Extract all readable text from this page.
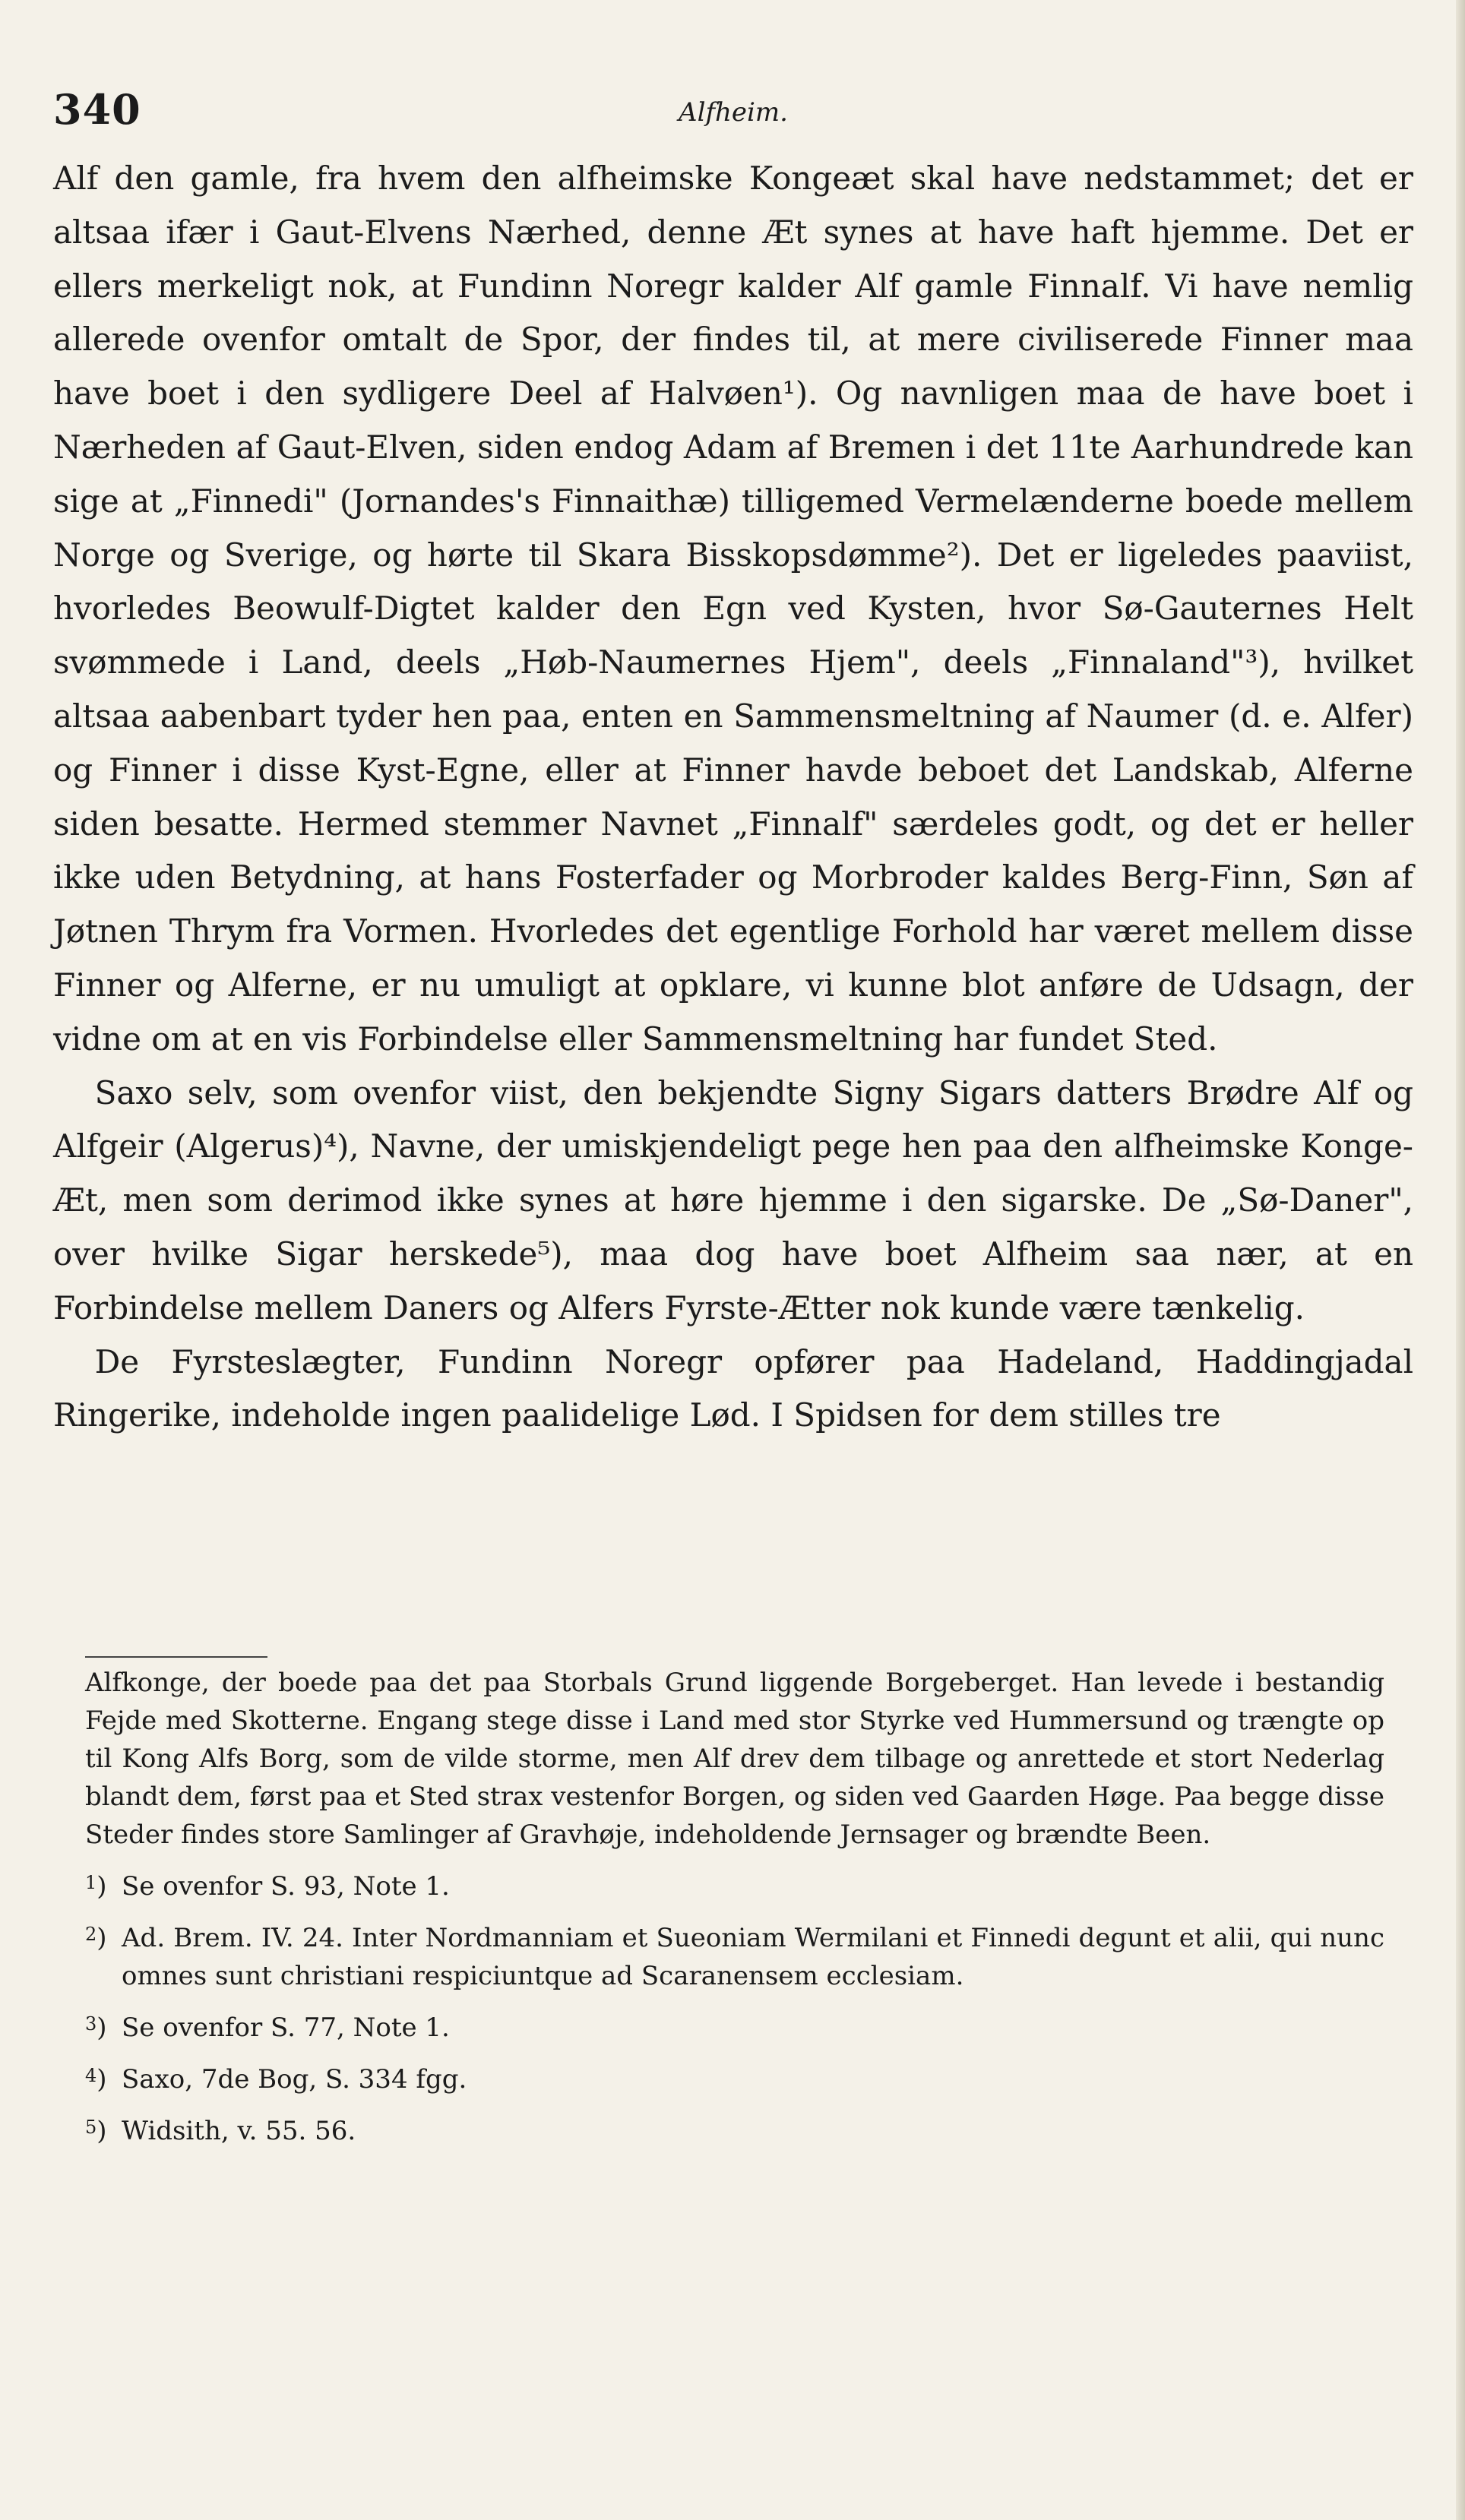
340	Alfheim.

Alf den gamle, fra hvem den alfheimske Kongeæt skal have nedstammet; det er altsaa ifær i Gaut-Elvens Nærhed, denne Æt synes at have haft hjemme. Det er ellers merkeligt nok, at Fundinn Noregr kalder Alf gamle Finnalf. Vi have nemlig allerede ovenfor omtalt de Spor, der findes til, at mere civiliserede Finner maa have boet i den sydligere Deel af Halvøen¹). Og navnligen maa de have boet i Nærheden af Gaut-Elven, siden endog Adam af Bremen i det 11te Aarhundrede kan sige at „Finnedi" (Jornandes's Finnaithæ) tilligemed Vermelænderne boede mellem Norge og Sverige, og hørte til Skara Bisskopsdømme²). Det er ligeledes paaviist, hvorledes Beowulf-Digtet kalder den Egn ved Kysten, hvor Sø-Gauternes Helt svømmede i Land, deels „Høb-Naumernes Hjem", deels „Finnaland"³), hvilket altsaa aabenbart tyder hen paa, enten en Sammensmeltning af Naumer (d. e. Alfer) og Finner i disse Kyst-Egne, eller at Finner havde beboet det Landskab, Alferne siden besatte. Hermed stemmer Navnet „Finnalf" særdeles godt, og det er heller ikke uden Betydning, at hans Fosterfader og Morbroder kaldes Berg-Finn, Søn af Jøtnen Thrym fra Vormen. Hvorledes det egentlige Forhold har været mellem disse Finner og Alferne, er nu umuligt at opklare, vi kunne blot anføre de Udsagn, der vidne om at en vis Forbindelse eller Sammensmeltning har fundet Sted.

Saxo selv, som ovenfor viist, den bekjendte Signy Sigars datters Brødre Alf og Alfgeir (Algerus)⁴), Navne, der umiskjendeligt pege hen paa den alfheimske Konge-Æt, men som derimod ikke synes at høre hjemme i den sigarske. De „Sø-Daner", over hvilke Sigar herskede⁵), maa dog have boet Alfheim saa nær, at en Forbindelse mellem Daners og Alfers Fyrste-Ætter nok kunde være tænkelig.

De Fyrsteslægter, Fundinn Noregr opfører paa Hadeland, Haddingjadal Ringerike, indeholde ingen paalidelige Lød. I Spidsen for dem stilles tre

Alfkonge, der boede paa det paa Storbals Grund liggende Borgeberget. Han levede i bestandig Fejde med Skotterne. Engang stege disse i Land med stor Styrke ved Hummersund og trængte op til Kong Alfs Borg, som de vilde storme, men Alf drev dem tilbage og anrettede et stort Nederlag blandt dem, først paa et Sted strax vestenfor Borgen, og siden ved Gaarden Høge. Paa begge disse Steder findes store Samlinger af Gravhøje, indeholdende Jernsager og brændte Been.

1 ) Se ovenfor S. 93, Note 1.

2 ) Ad. Brem. IV. 24. Inter Nordmanniam et Sueoniam Wermilani et Finnedi degunt et alii, qui nunc omnes sunt christiani respiciuntque ad Scaranensem ecclesiam.

3 ) Se ovenfor S. 77, Note 1.

4 ) Saxo, 7de Bog, S. 334 fgg.

5 ) Widsith, v. 55. 56.
